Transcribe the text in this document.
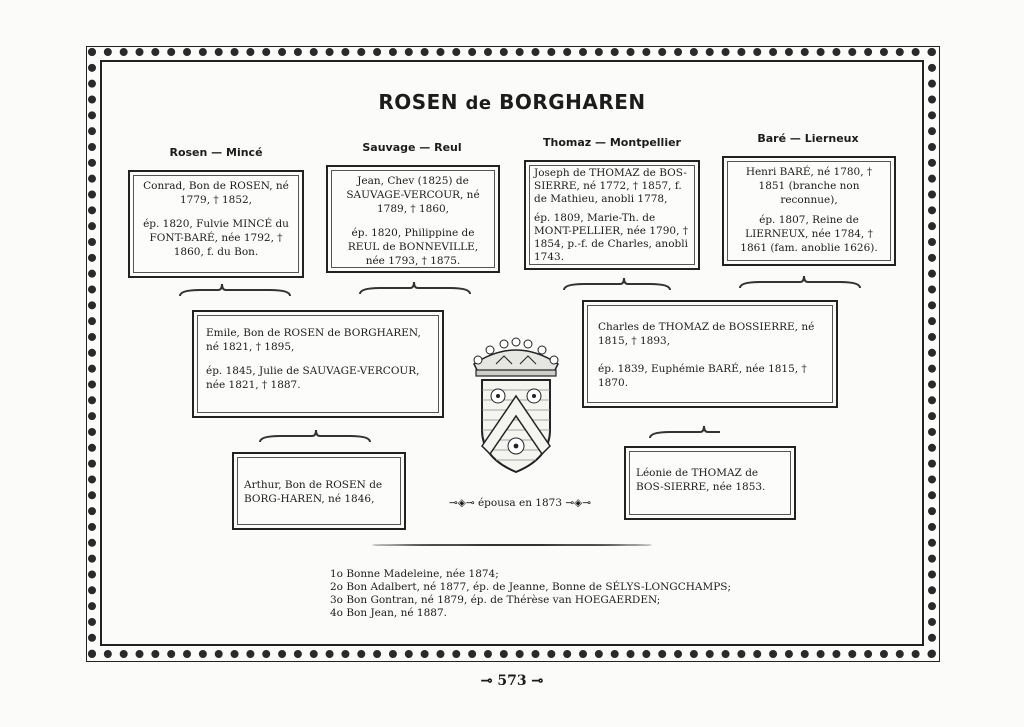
ROSEN de BORGHAREN
Rosen — Mincé	Sauvage — Reul	Thomaz — Montpellier	Baré — Lierneux

Conrad, Bon de ROSEN, né 1779, † 1852,

ép. 1820, Fulvie MINCÉ du FONT-BARÉ, née 1792, † 1860, f. du Bon.

Jean, Chev (1825) de SAUVAGE-VERCOUR, né 1789, † 1860,

ép. 1820, Philippine de REUL de BONNEVILLE, née 1793, † 1875.

Joseph de THOMAZ de BOS-SIERRE, né 1772, † 1857, f. de Mathieu, anobli 1778,

ép. 1809, Marie-Th. de MONT-PELLIER, née 1790, † 1854, p.-f. de Charles, anobli 1743.

Henri BARÉ, né 1780, † 1851 (branche non reconnue),

ép. 1807, Reine de LIERNEUX, née 1784, † 1861 (fam. anoblie 1626).

Emile, Bon de ROSEN de BORGHAREN, né 1821, † 1895,

ép. 1845, Julie de SAUVAGE-VERCOUR, née 1821, † 1887.

Charles de THOMAZ de BOSSIERRE, né 1815, † 1893,

ép. 1839, Euphémie BARÉ, née 1815, † 1870.

Arthur, Bon de ROSEN de BORG-HAREN, né 1846,

Léonie de THOMAZ de BOS-SIERRE, née 1853.

⊸◈⊸ épousa en 1873 ⊸◈⊸

1o Bonne Madeleine, née 1874;

2o Bon Adalbert, né 1877, ép. de Jeanne, Bonne de SÉLYS-LONGCHAMPS;

3o Bon Gontran, né 1879, ép. de Thérèse van HOEGAERDEN;

4o Bon Jean, né 1887.

⊸ 573 ⊸
